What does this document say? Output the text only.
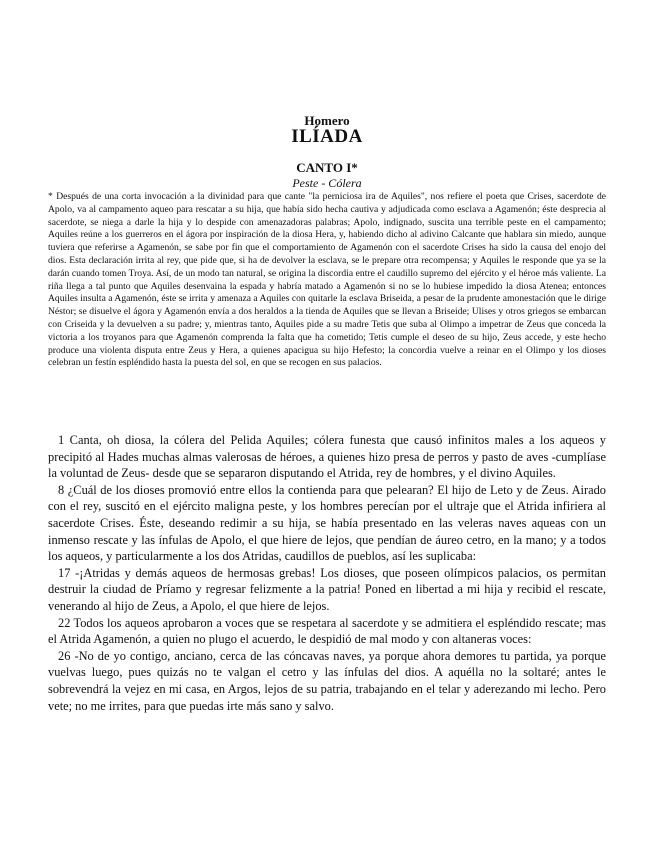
Homero
ILÍADA
CANTO I*
Peste - Cólera
* Después de una corta invocación a la divinidad para que cante "la perniciosa ira de Aquiles", nos refiere el poeta que Crises, sacerdote de Apolo, va al campamento aqueo para rescatar a su hija, que había sido hecha cautiva y adjudicada como esclava a Agamenón; éste desprecia al sacerdote, se niega a darle la hija y lo despide con amenazadoras palabras; Apolo, indignado, suscita una terrible peste en el campamento; Aquiles reúne a los guerreros en el ágora por inspiración de la diosa Hera, y, habiendo dicho al adivino Calcante que hablara sin miedo, aunque tuviera que referirse a Agamenón, se sabe por fin que el comportamiento de Agamenón con el sacerdote Crises ha sido la causa del enojo del dios. Esta declaración irrita al rey, que pide que, si ha de devolver la esclava, se le prepare otra recompensa; y Aquiles le responde que ya se la darán cuando tomen Troya. Así, de un modo tan natural, se origina la discordia entre el caudillo supremo del ejército y el héroe más valiente. La riña llega a tal punto que Aquiles desenvaina la espada y habría matado a Agamenón si no se lo hubiese impedido la diosa Atenea; entonces Aquiles insulta a Agamenón, éste se irrita y amenaza a Aquiles con quitarle la esclava Briseida, a pesar de la prudente amonestación que le dirige Néstor; se disuelve el ágora y Agamenón envía a dos heraldos a la tienda de Aquiles que se llevan a Briseide; Ulises y otros griegos se embarcan con Criseida y la devuelven a su padre; y, mientras tanto, Aquiles pide a su madre Tetis que suba al Olimpo a impetrar de Zeus que conceda la victoria a los troyanos para que Agamenón comprenda la falta que ha cometido; Tetis cumple el deseo de su hijo, Zeus accede, y este hecho produce una violenta disputa entre Zeus y Hera, a quienes apacigua su hijo Hefesto; la concordia vuelve a reinar en el Olimpo y los dioses celebran un festín espléndido hasta la puesta del sol, en que se recogen en sus palacios.

1 Canta, oh diosa, la cólera del Pelida Aquiles; cólera funesta que causó infinitos males a los aqueos y precipitó al Hades muchas almas valerosas de héroes, a quienes hizo presa de perros y pasto de aves -cumplíase la voluntad de Zeus- desde que se separaron disputando el Atrida, rey de hombres, y el divino Aquiles.

8 ¿Cuál de los dioses promovió entre ellos la contienda para que pelearan? El hijo de Leto y de Zeus. Airado con el rey, suscitó en el ejército maligna peste, y los hombres perecían por el ultraje que el Atrida infiriera al sacerdote Crises. Éste, deseando redimir a su hija, se había presentado en las veleras naves aqueas con un inmenso rescate y las ínfulas de Apolo, el que hiere de lejos, que pendían de áureo cetro, en la mano; y a todos los aqueos, y particularmente a los dos Atridas, caudillos de pueblos, así les suplicaba:

17 -¡Atridas y demás aqueos de hermosas grebas! Los dioses, que poseen olímpicos palacios, os permitan destruir la ciudad de Príamo y regresar felizmente a la patria! Poned en libertad a mi hija y recibid el rescate, venerando al hijo de Zeus, a Apolo, el que hiere de lejos.

22 Todos los aqueos aprobaron a voces que se respetara al sacerdote y se admitiera el espléndido rescate; mas el Atrida Agamenón, a quien no plugo el acuerdo, le despidió de mal modo y con altaneras voces:

26 -No de yo contigo, anciano, cerca de las cóncavas naves, ya porque ahora demores tu partida, ya porque vuelvas luego, pues quizás no te valgan el cetro y las ínfulas del dios. A aquélla no la soltaré; antes le sobrevendrá la vejez en mi casa, en Argos, lejos de su patria, trabajando en el telar y aderezando mi lecho. Pero vete; no me irrites, para que puedas irte más sano y salvo.
